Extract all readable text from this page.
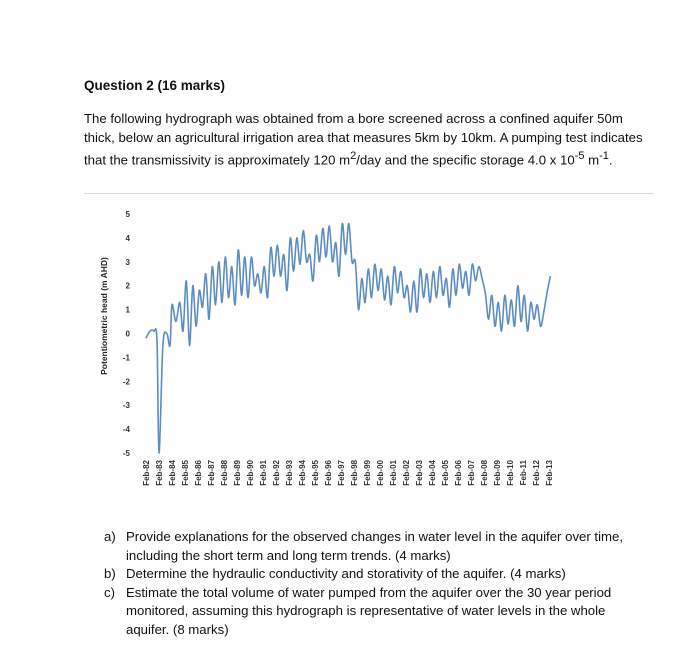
Question 2 (16 marks)

The following hydrograph was obtained from a bore screened across a confined aquifer 50m thick, below an agricultural irrigation area that measures 5km by 10km. A pumping test indicates that the transmissivity is approximately 120 $m^2$/day and the specific storage 4.0 x $10^{-5}$ $m^{-1}$.

Potentiometric head (m AHD)
5
4
3
2
1
0
-1
-2
-3
-4
-5
Feb-82 Feb-83 Feb-84 Feb-85 Feb-86 Feb-87 Feb-88 Feb-89 Feb-90 Feb-91 Feb-92 Feb-93 Feb-94 Feb-95 Feb-96 Feb-97 Feb-98 Feb-99 Feb-00 Feb-01 Feb-02 Feb-03 Feb-04 Feb-05 Feb-06 Feb-07 Feb-08 Feb-09 Feb-10 Feb-11 Feb-12 Feb-13
a) Provide explanations for the observed changes in water level in the aquifer over time, including the short term and long term trends. (4 marks)
b) Determine the hydraulic conductivity and storativity of the aquifer. (4 marks)
c) Estimate the total volume of water pumped from the aquifer over the 30 year period monitored, assuming this hydrograph is representative of water levels in the whole aquifer. (8 marks)
